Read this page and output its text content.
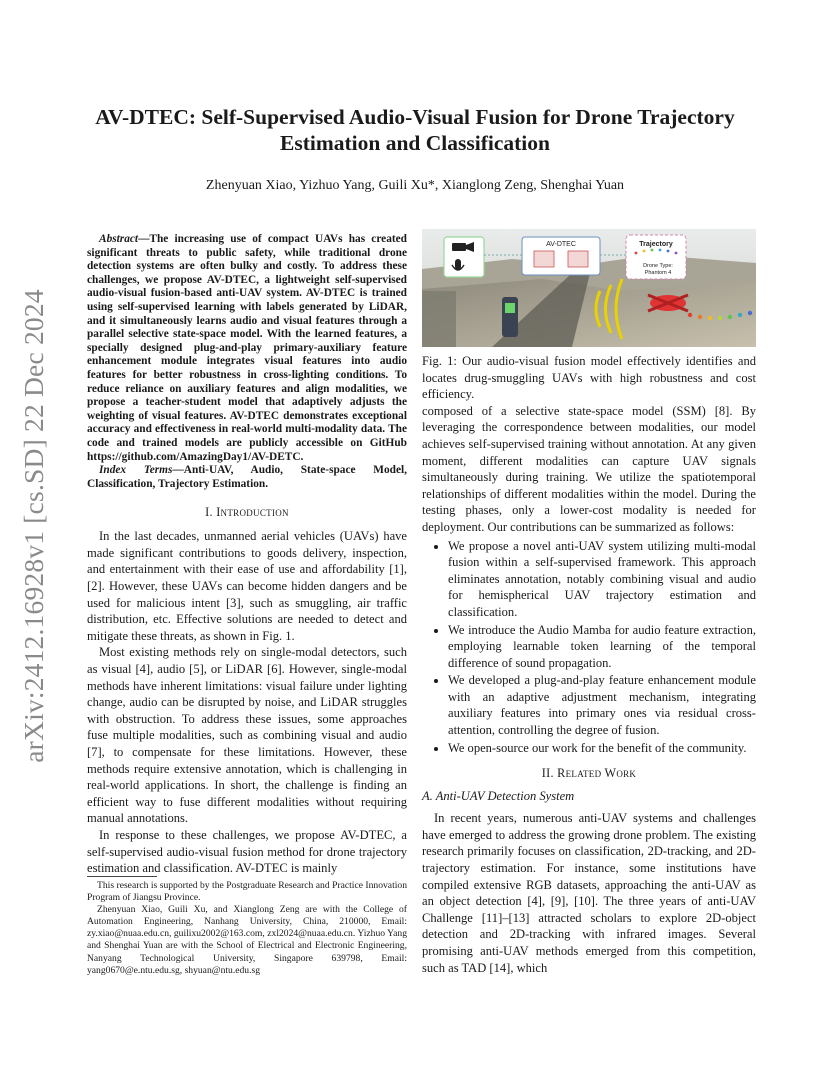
arXiv:2412.16928v1 [cs.SD] 22 Dec 2024
AV-DTEC: Self-Supervised Audio-Visual Fusion for Drone Trajectory Estimation and Classification

Zhenyuan Xiao, Yizhuo Yang, Guili Xu*, Xianglong Zeng, Shenghai Yuan

Abstract—The increasing use of compact UAVs has created significant threats to public safety, while traditional drone detection systems are often bulky and costly. To address these challenges, we propose AV-DTEC, a lightweight self-supervised audio-visual fusion-based anti-UAV system. AV-DTEC is trained using self-supervised learning with labels generated by LiDAR, and it simultaneously learns audio and visual features through a parallel selective state-space model. With the learned features, a specially designed plug-and-play primary-auxiliary feature enhancement module integrates visual features into audio features for better robustness in cross-lighting conditions. To reduce reliance on auxiliary features and align modalities, we propose a teacher-student model that adaptively adjusts the weighting of visual features. AV-DTEC demonstrates exceptional accuracy and effectiveness in real-world multi-modality data. The code and trained models are publicly accessible on GitHub https://github.com/AmazingDay1/AV-DETC.

Index Terms—Anti-UAV, Audio, State-space Model, Classification, Trajectory Estimation.

I. Introduction

In the last decades, unmanned aerial vehicles (UAVs) have made significant contributions to goods delivery, inspection, and entertainment with their ease of use and affordability [1], [2]. However, these UAVs can become hidden dangers and be used for malicious intent [3], such as smuggling, air traffic distribution, etc. Effective solutions are needed to detect and mitigate these threats, as shown in Fig. 1.

Most existing methods rely on single-modal detectors, such as visual [4], audio [5], or LiDAR [6]. However, single-modal methods have inherent limitations: visual failure under lighting change, audio can be disrupted by noise, and LiDAR struggles with obstruction. To address these issues, some approaches fuse multiple modalities, such as combining visual and audio [7], to compensate for these limitations. However, these methods require extensive annotation, which is challenging in real-world applications. In short, the challenge is finding an efficient way to fuse different modalities without requiring manual annotations.

In response to these challenges, we propose AV-DTEC, a self-supervised audio-visual fusion method for drone trajectory estimation and classification. AV-DTEC is mainly

This research is supported by the Postgraduate Research and Practice Innovation Program of Jiangsu Province.

Zhenyuan Xiao, Guili Xu, and Xianglong Zeng are with the College of Automation Engineering, Nanhang University, China, 210000, Email: zy.xiao@nuaa.edu.cn, guilixu2002@163.com, zxl2024@nuaa.edu.cn. Yizhuo Yang and Shenghai Yuan are with the School of Electrical and Electronic Engineering, Nanyang Technological University, Singapore 639798, Email: yang0670@e.ntu.edu.sg, shyuan@ntu.edu.sg

AV-DTEC	Trajectory
Drone Type:
Phantom 4

Fig. 1: Our audio-visual fusion model effectively identifies and locates drug-smuggling UAVs with high robustness and cost efficiency.

composed of a selective state-space model (SSM) [8]. By leveraging the correspondence between modalities, our model achieves self-supervised training without annotation. At any given moment, different modalities can capture UAV signals simultaneously during training. We utilize the spatiotemporal relationships of different modalities within the model. During the testing phases, only a lower-cost modality is needed for deployment. Our contributions can be summarized as follows:

• We propose a novel anti-UAV system utilizing multi-modal fusion within a self-supervised framework. This approach eliminates annotation, notably combining visual and audio for hemispherical UAV trajectory estimation and classification.
• We introduce the Audio Mamba for audio feature extraction, employing learnable token learning of the temporal difference of sound propagation.
• We developed a plug-and-play feature enhancement module with an adaptive adjustment mechanism, integrating auxiliary features into primary ones via residual cross-attention, controlling the degree of fusion.
• We open-source our work for the benefit of the community.
II. Related Work
A. Anti-UAV Detection System

In recent years, numerous anti-UAV systems and challenges have emerged to address the growing drone problem. The existing research primarily focuses on classification, 2D-tracking, and 2D-trajectory estimation. For instance, some institutions have compiled extensive RGB datasets, approaching the anti-UAV as an object detection [4], [9], [10]. The three years of anti-UAV Challenge [11]–[13] attracted scholars to explore 2D-object detection and 2D-tracking with infrared images. Several promising anti-UAV methods emerged from this competition, such as TAD [14], which
